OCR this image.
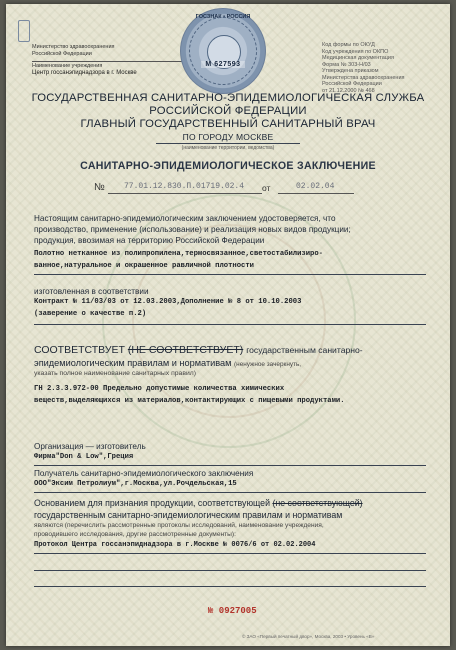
Министерство здравоохранения
Российской Федерации
Наименование учреждения
Центр госсанэпиднадзора в г. Москве
Код формы по ОКУД
Код учреждения по ОКПО
Медицинская документация
Форма № 303-Н/03
Утверждена приказом
Министерства здравоохранения
Российской Федерации
от 21.12.2000 № 468
ГОСЗНАК • РОССИЯ
М 627593
ГОСУДАРСТВЕННАЯ САНИТАРНО-ЭПИДЕМИОЛОГИЧЕСКАЯ СЛУЖБА
РОССИЙСКОЙ ФЕДЕРАЦИИ
ГЛАВНЫЙ ГОСУДАРСТВЕННЫЙ САНИТАРНЫЙ ВРАЧ
ПО ГОРОДУ МОСКВЕ
(наименование территории, ведомства)
САНИТАРНО-ЭПИДЕМИОЛОГИЧЕСКОЕ ЗАКЛЮЧЕНИЕ
№ 77.01.12.830.П.01719.02.4 от	02.02.04
Настоящим санитарно-эпидемиологическим заключением удостоверяется, что
производство, применение (использование) и реализация новых видов продукции;
продукция, ввозимая на территорию Российской Федерации
Полотно нетканное из полипропилена,термосвязанное,светостабилизиро-
ванное,натуральное и окрашенное равличной плотности
изготовленная в соответствии
Контракт № 11/03/03 от 12.03.2003,Дополнение № 8 от 10.10.2003
(заверение о качестве п.2)
СООТВЕТСТВУЕТ (НЕ СООТВЕТСТВУЕТ) государственным санитарно-
эпидемиологическим правилам и нормативам (ненужное зачеркнуть,
указать полное наименование санитарных правил)
ГН 2.3.3.972-00 Предельно допустимые количества химических
веществ,выделяющихся из материалов,контактирующих с пищевыми продуктами.
Организация — изготовитель
Фирма"Don & Low",Греция
Получатель санитарно-эпидемиологического заключения
ООО"Эксим Петролиум",г.Москва,ул.Рочдельская,15
Основанием для признания продукции, соответствующей (не соответствующей)
государственным санитарно-эпидемиологическим правилам и нормативам
являются (перечислить рассмотренные протоколы исследований, наименование учреждения,
проводившего исследования, другие рассмотренные документы):
Протокол Центра госсанэпиднадзора в г.Москве № 0076/6 от 02.02.2004
№ 0927005
© ЗАО «Первый печатный двор», Москва, 2003 • Уровень «В»
